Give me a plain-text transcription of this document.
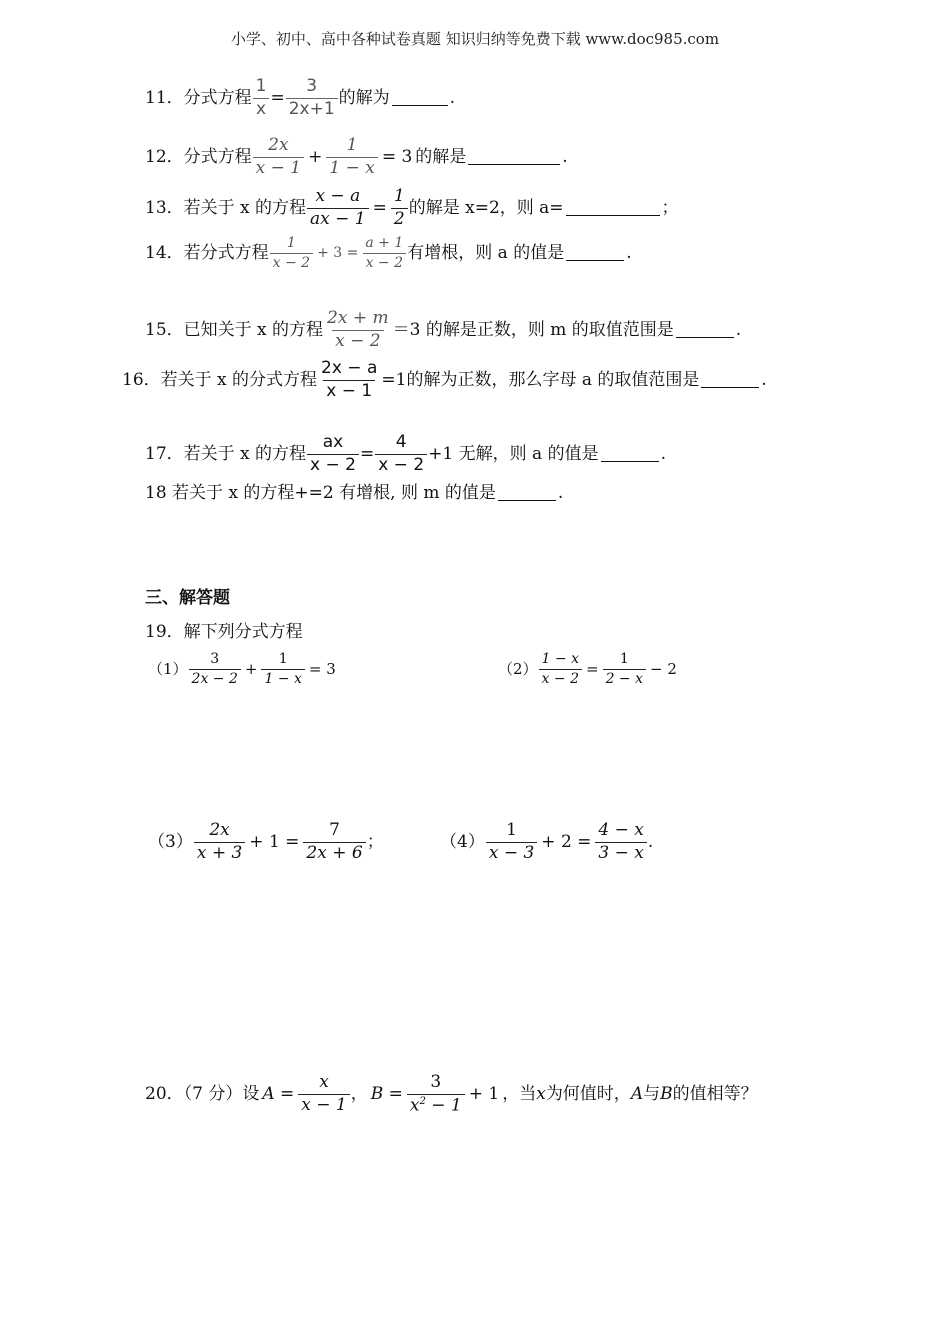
小学、初中、高中各种试卷真题 知识归纳等免费下载 www.doc985.com
11．分式方程 $\frac{1}{x} = \frac{3}{2x+1}$ 的解为	.
12．分式方程 $\frac{2x}{x - 1} + \frac{1}{1 - x} = 3$ 的解是	.
13．若关于 x 的方程 $\frac{x - a}{ax - 1} = \frac{1}{2}$ 的解是 x=2，则 a=	；
14．若分式方程 $\frac{1}{x - 2} + 3 = \frac{a + 1}{x - 2}$ 有增根，则 a 的值是	.
15．已知关于 x 的方程 $\frac{2x + m}{x - 2} =3$ 的解是正数，则 m 的取值范围是	.
16．若关于 x 的分式方程 $\frac{2x - a}{x - 1} =1$的解为正数，那么字母 a 的取值范围是	.
17．若关于 x 的方程 $\frac{ax}{x - 2} = \frac{4}{x - 2} +1$ 无解，则 a 的值是	.
18 若关于 x 的方程+=2 有增根, 则 m 的值是	.
三、解答题
19．解下列分式方程
$(1) \frac{3}{2x - 2} + \frac{1}{1 - x} = 3$	$(2) \frac{1 - x}{x - 2} = \frac{1}{2 - x} - 2$
$(3) \frac{2x}{x + 3} + 1 = \frac{7}{2x + 6}$ ；	$(4) \frac{1}{x - 3} + 2 = \frac{4 - x}{3 - x}$ .
20．（7 分）设 $A = \frac{x}{x - 1}$ ， $B = \frac{3}{x^2 - 1} + 1$ ，当 x 为何值时， A 与 B 的值相等？
